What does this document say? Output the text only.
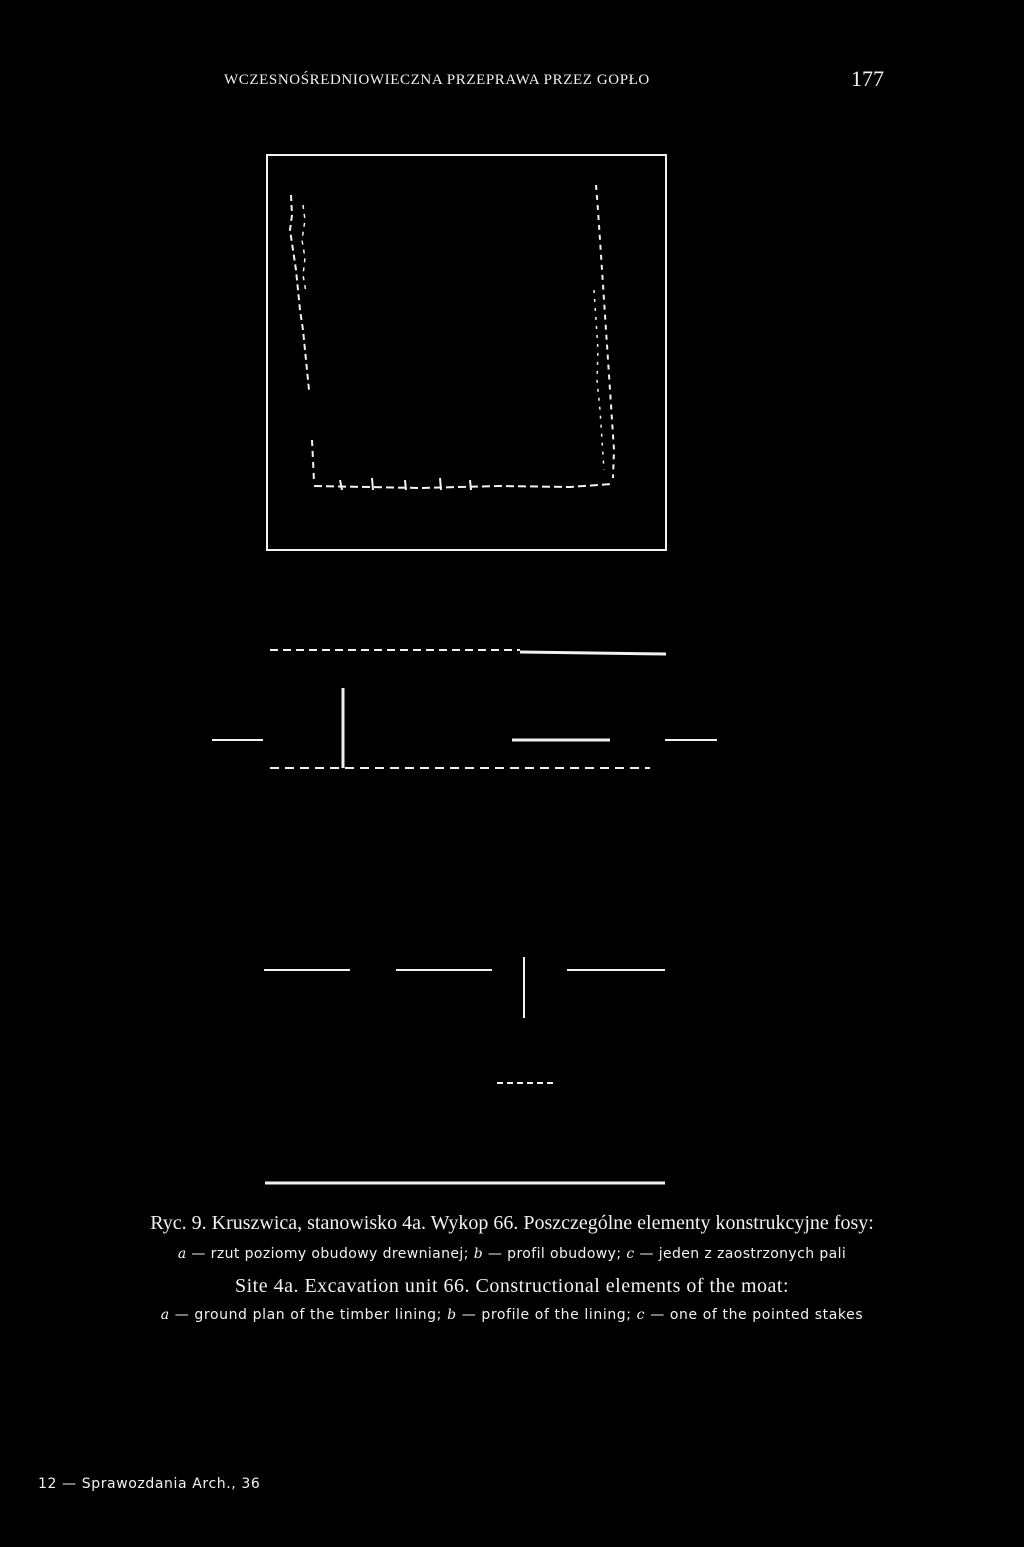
WCZESNOŚREDNIOWIECZNA PRZEPRAWA PRZEZ GOPŁO	177
Ryc. 9. Kruszwica, stanowisko 4a. Wykop 66. Poszczególne elementy konstrukcyjne fosy:
a — rzut poziomy obudowy drewnianej; b — profil obudowy; c — jeden z zaostrzonych pali
Site 4a. Excavation unit 66. Constructional elements of the moat:
a — ground plan of the timber lining; b — profile of the lining; c — one of the pointed stakes
12 — Sprawozdania Arch., 36
